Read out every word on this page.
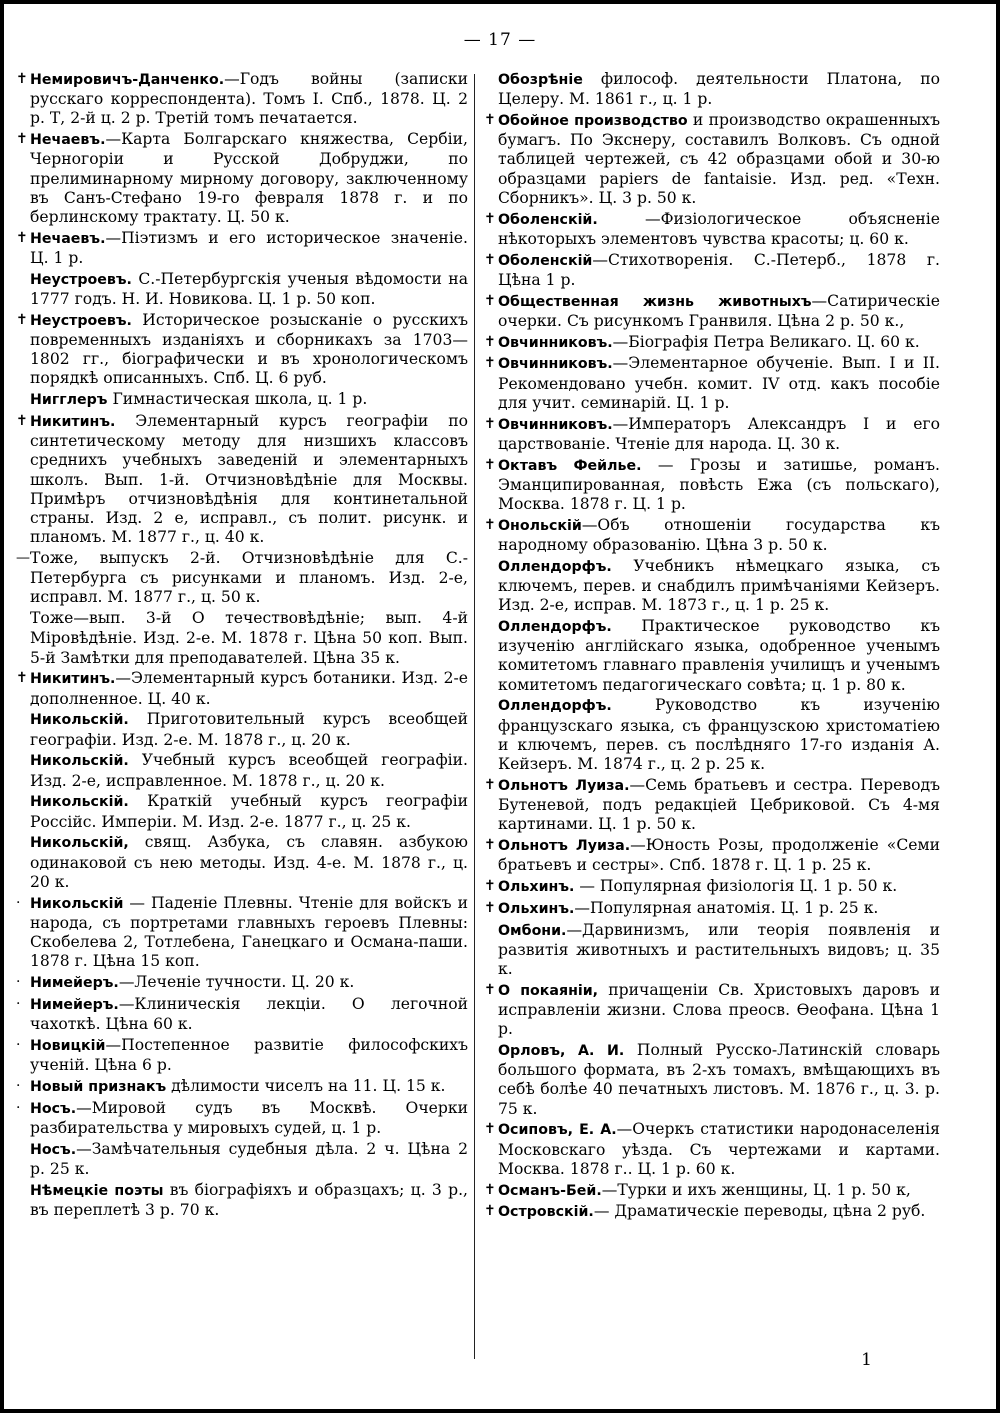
— 17 —
✝ Немировичъ-Данченко.—Годъ войны (записки русскаго корреспондента). Томъ I. Спб., 1878. Ц. 2 р. Т, 2-й ц. 2 р. Третій томъ печатается.
✝ Нечаевъ.—Карта Болгарскаго княжества, Сербіи, Черногоріи и Русской Добруджи, по прелиминарному мирному договору, заключенному въ Санъ-Стефано 19-го февраля 1878 г. и по берлинскому трактату. Ц. 50 к.
✝ Нечаевъ.—Піэтизмъ и его историческое значеніе. Ц. 1 р.
Неустроевъ. С.-Петербургскія ученыя вѣдомости на 1777 годъ. Н. И. Новикова. Ц. 1 р. 50 коп.
✝ Неустроевъ. Историческое розысканіе о русскихъ повременныхъ изданіяхъ и сборникахъ за 1703—1802 гг., біографически и въ хронологическомъ порядкѣ описанныхъ. Спб. Ц. 6 руб.
Нигглеръ Гимнастическая школа, ц. 1 р.
✝ Никитинъ. Элементарный курсъ географіи по синтетическому методу для низшихъ классовъ среднихъ учебныхъ заведеній и элементарныхъ школъ. Вып. 1-й. Отчизновѣдѣніе для Москвы. Примѣръ отчизновѣдѣнія для континетальной страны. Изд. 2 е, исправл., съ полит. рисунк. и планомъ. М. 1877 г., ц. 40 к.
— Тоже, выпускъ 2-й. Отчизновѣдѣніе для С.-Петербурга съ рисунками и планомъ. Изд. 2-е, исправл. М. 1877 г., ц. 50 к.
Тоже—вып. 3-й О течествовѣдѣніе; вып. 4-й Міровѣдѣніе. Изд. 2-е. М. 1878 г. Цѣна 50 коп. Вып. 5-й Замѣтки для преподавателей. Цѣна 35 к.
✝ Никитинъ.—Элементарный курсъ ботаники. Изд. 2-е дополненное. Ц. 40 к.
Никольскій. Приготовительный курсъ всеобщей географіи. Изд. 2-е. М. 1878 г., ц. 20 к.
Никольскій. Учебный курсъ всеобщей географіи. Изд. 2-е, исправленное. М. 1878 г., ц. 20 к.
Никольскій. Краткій учебный курсъ географіи Россійс. Имперіи. М. Изд. 2-е. 1877 г., ц. 25 к.
Никольскій, свящ. Азбука, съ славян. азбукою одинаковой съ нею методы. Изд. 4-е. М. 1878 г., ц. 20 к.
· Никольскій — Паденіе Плевны. Чтеніе для войскъ и народа, съ портретами главныхъ героевъ Плевны: Скобелева 2, Тотлебена, Ганецкаго и Османа-паши. 1878 г. Цѣна 15 коп.
· Нимейеръ.—Леченіе тучности. Ц. 20 к.
· Нимейеръ.—Клиническія лекціи. О легочной чахоткѣ. Цѣна 60 к.
· Новицкій—Постепенное развитіе философскихъ ученій. Цѣна 6 р.
· Новый признакъ дѣлимости чиселъ на 11. Ц. 15 к.
· Носъ.—Мировой судъ въ Москвѣ. Очерки разбирательства у мировыхъ судей, ц. 1 р.
Носъ.—Замѣчательныя судебныя дѣла. 2 ч. Цѣна 2 р. 25 к.
Нѣмецкіе поэты въ біографіяхъ и образцахъ; ц. 3 р., въ переплетѣ 3 р. 70 к.
Обозрѣніе философ. деятельности Платона, по Целеру. М. 1861 г., ц. 1 р.
✝ Обойное производство и производство окрашенныхъ бумагъ. По Экснеру, составилъ Волковъ. Съ одной таблицей чертежей, съ 42 образцами обой и 30-ю образцами papiers de fantaisie. Изд. ред. «Техн. Сборникъ». Ц. 3 р. 50 к.
✝ Оболенскій. —Физіологическое объясненіе нѣкоторыхъ элементовъ чувства красоты; ц. 60 к.
✝ Оболенскій—Стихотворенія. С.-Петерб., 1878 г. Цѣна 1 р.
✝ Общественная жизнь животныхъ—Сатирическіе очерки. Съ рисункомъ Гранвиля. Цѣна 2 р. 50 к.,
✝ Овчинниковъ.—Біографія Петра Великаго. Ц. 60 к.
✝ Овчинниковъ.—Элементарное обученіе. Вып. I и II. Рекомендовано учебн. комит. IV отд. какъ пособіе для учит. семинарій. Ц. 1 р.
✝ Овчинниковъ.—Императоръ Александръ I и его царствованіе. Чтеніе для народа. Ц. 30 к.
✝ Октавъ Фейлье. — Грозы и затишье, романъ. Эманципированная, повѣсть Ежа (съ польскаго), Москва. 1878 г. Ц. 1 р.
✝ Онольскій—Объ отношеніи государства къ народному образованію. Цѣна 3 р. 50 к.
Оллендорфъ. Учебникъ нѣмецкаго языка, съ ключемъ, перев. и снабдилъ примѣчаніями Кейзеръ. Изд. 2-е, исправ. М. 1873 г., ц. 1 р. 25 к.
Оллендорфъ. Практическое руководство къ изученію англійскаго языка, одобренное ученымъ комитетомъ главнаго правленія училищъ и ученымъ комитетомъ педагогическаго совѣта; ц. 1 р. 80 к.
Оллендорфъ. Руководство къ изученію французскаго языка, съ французскою христоматіею и ключемъ, перев. съ послѣдняго 17-го изданія А. Кейзеръ. М. 1874 г., ц. 2 р. 25 к.
✝ Ольнотъ Луиза.—Семь братьевъ и сестра. Переводъ Бутеневой, подъ редакціей Цебриковой. Съ 4-мя картинами. Ц. 1 р. 50 к.
✝ Ольнотъ Луиза.—Юность Розы, продолженіе «Семи братьевъ и сестры». Спб. 1878 г. Ц. 1 р. 25 к.
✝ Ольхинъ. — Популярная физіологія Ц. 1 р. 50 к.
✝ Ольхинъ.—Популярная анатомія. Ц. 1 р. 25 к.
Омбони.—Дарвинизмъ, или теорія появленія и развитія животныхъ и растительныхъ видовъ; ц. 35 к.
✝ О покаяніи, причащеніи Св. Христовыхъ даровъ и исправленіи жизни. Слова преосв. Ѳеофана. Цѣна 1 р.
Орловъ, А. И. Полный Русско-Латинскій словарь большого формата, въ 2-хъ томахъ, вмѣщающихъ въ себѣ болѣе 40 печатныхъ листовъ. М. 1876 г., ц. 3. р. 75 к.
✝ Осиповъ, Е. А.—Очеркъ статистики народонаселенія Московскаго уѣзда. Съ чертежами и картами. Москва. 1878 г.. Ц. 1 р. 60 к.
✝ Османъ-Бей.—Турки и ихъ женщины, Ц. 1 р. 50 к,
✝ Островскій.— Драматическіе переводы, цѣна 2 руб.
1
